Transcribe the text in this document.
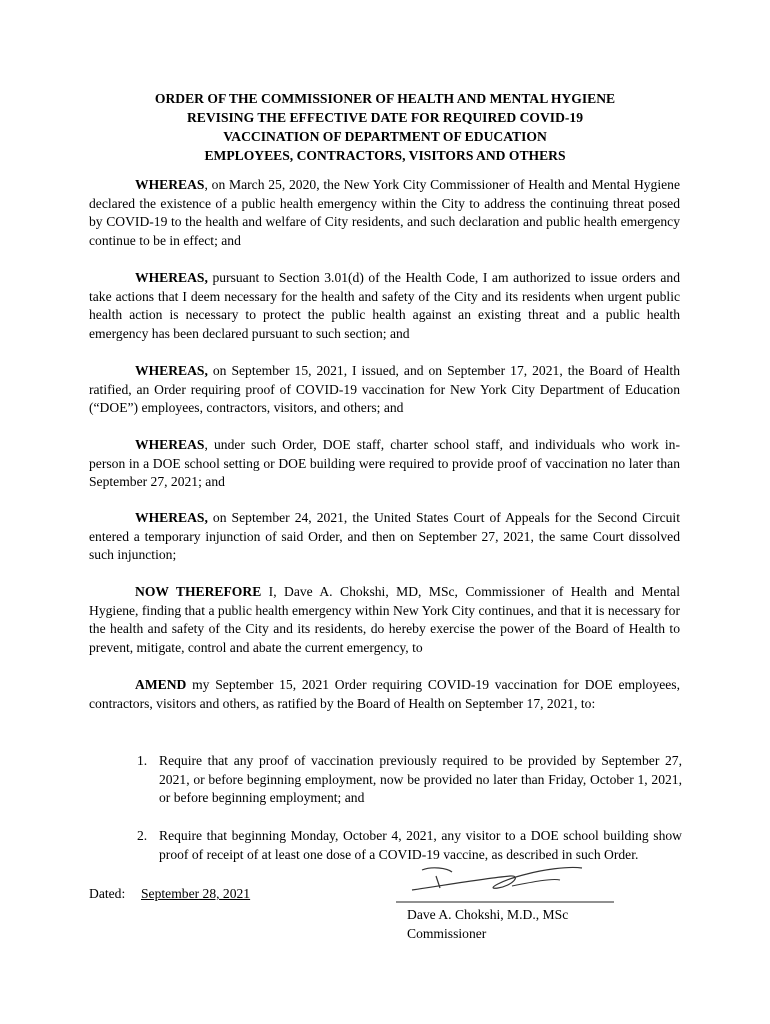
ORDER OF THE COMMISSIONER OF HEALTH AND MENTAL HYGIENE
REVISING THE EFFECTIVE DATE FOR REQUIRED COVID-19
VACCINATION OF DEPARTMENT OF EDUCATION
EMPLOYEES, CONTRACTORS, VISITORS AND OTHERS

WHEREAS, on March 25, 2020, the New York City Commissioner of Health and Mental Hygiene declared the existence of a public health emergency within the City to address the continuing threat posed by COVID-19 to the health and welfare of City residents, and such declaration and public health emergency continue to be in effect; and

WHEREAS, pursuant to Section 3.01(d) of the Health Code, I am authorized to issue orders and take actions that I deem necessary for the health and safety of the City and its residents when urgent public health action is necessary to protect the public health against an existing threat and a public health emergency has been declared pursuant to such section; and

WHEREAS, on September 15, 2021, I issued, and on September 17, 2021, the Board of Health ratified, an Order requiring proof of COVID-19 vaccination for New York City Department of Education (“DOE”) employees, contractors, visitors, and others; and

WHEREAS, under such Order, DOE staff, charter school staff, and individuals who work in-person in a DOE school setting or DOE building were required to provide proof of vaccination no later than September 27, 2021; and

WHEREAS, on September 24, 2021, the United States Court of Appeals for the Second Circuit entered a temporary injunction of said Order, and then on September 27, 2021, the same Court dissolved such injunction;

NOW THEREFORE I, Dave A. Chokshi, MD, MSc, Commissioner of Health and Mental Hygiene, finding that a public health emergency within New York City continues, and that it is necessary for the health and safety of the City and its residents, do hereby exercise the power of the Board of Health to prevent, mitigate, control and abate the current emergency, to

AMEND my September 15, 2021 Order requiring COVID-19 vaccination for DOE employees, contractors, visitors and others, as ratified by the Board of Health on September 17, 2021, to:

1. Require that any proof of vaccination previously required to be provided by September 27, 2021, or before beginning employment, now be provided no later than Friday, October 1, 2021, or before beginning employment; and
2. Require that beginning Monday, October 4, 2021, any visitor to a DOE school building show proof of receipt of at least one dose of a COVID-19 vaccine, as described in such Order.
Dated: September 28, 2021
Dave A. Chokshi, M.D., MSc
Commissioner
